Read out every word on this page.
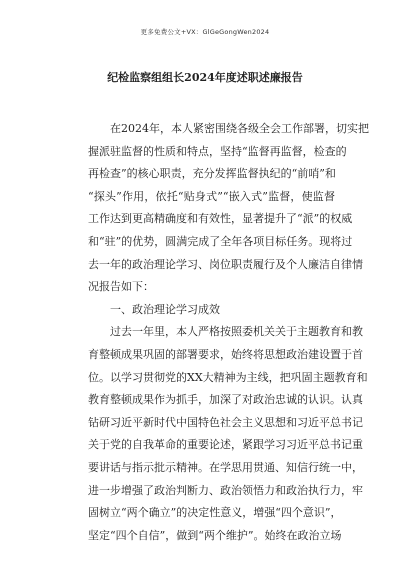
更多免费公文+VX：GlGeGongWen2024
纪检监察组组长2024年度述职述廉报告
在2024年，本人紧密围绕各级全会工作部署，切实把
握派驻监督的性质和特点，坚持“监督再监督，检查的
再检查”的核心职责，充分发挥监督执纪的“前哨”和
“探头”作用，依托“贴身式”“嵌入式”监督，使监督
工作达到更高精确度和有效性，显著提升了“派”的权威
和“驻”的优势，圆满完成了全年各项目标任务。现将过
去一年的政治理论学习、岗位职责履行及个人廉洁自律情
况报告如下：
一、政治理论学习成效
过去一年里，本人严格按照委机关关于主题教育和教
育整顿成果巩固的部署要求，始终将思想政治建设置于首
位。以学习贯彻党的XX大精神为主线，把巩固主题教育和
教育整顿成果作为抓手，加深了对政治忠诚的认识。认真
钻研习近平新时代中国特色社会主义思想和习近平总书记
关于党的自我革命的重要论述，紧跟学习习近平总书记重
要讲话与指示批示精神。在学思用贯通、知信行统一中，
进一步增强了政治判断力、政治领悟力和政治执行力，牢
固树立“两个确立”的决定性意义，增强“四个意识”，
坚定“四个自信”，做到“两个维护”。始终在政治立场
